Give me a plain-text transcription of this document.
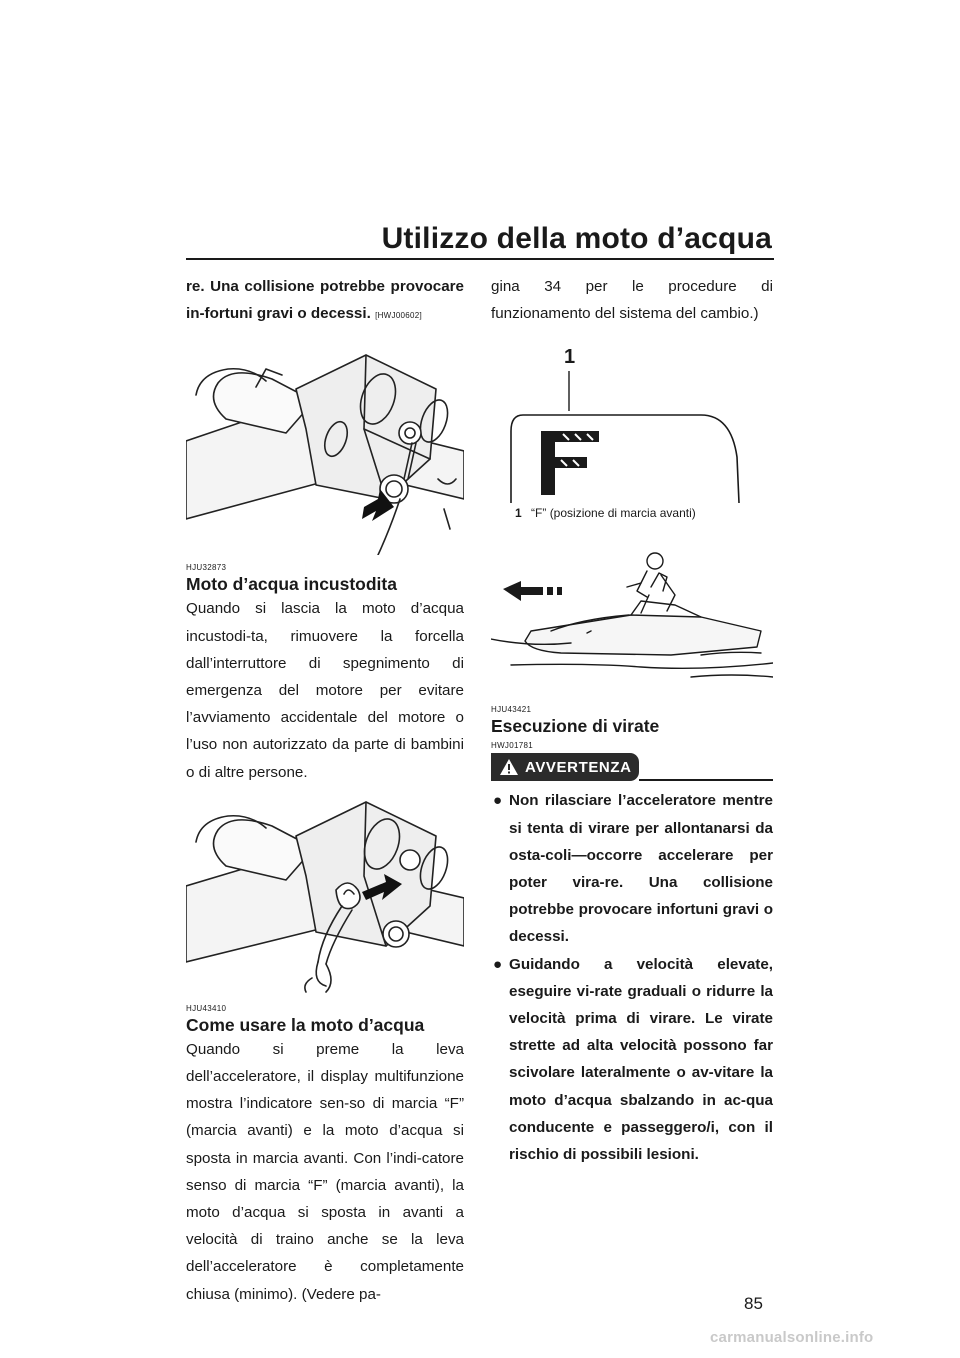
Utilizzo della moto d’acqua

re. Una collisione potrebbe provocare in-fortuni gravi o decessi. [HWJ00602]

HJU32873
Moto d’acqua incustodita

Quando si lascia la moto d’acqua incustodi-ta, rimuovere la forcella dall’interruttore di spegnimento di emergenza del motore per evitare l’avviamento accidentale del motore o l’uso non autorizzato da parte di bambini o di altre persone.

HJU43410
Come usare la moto d’acqua

Quando si preme la leva dell’acceleratore, il display multifunzione mostra l’indicatore sen-so di marcia “F” (marcia avanti) e la moto d’acqua si sposta in marcia avanti. Con l’indi-catore senso di marcia “F” (marcia avanti), la moto d’acqua si sposta in avanti a velocità di traino anche se la leva dell’acceleratore è completamente chiusa (minimo). (Vedere pa-

gina 34 per le procedure di funzionamento del sistema del cambio.)

1
1 “F” (posizione di marcia avanti)
HJU43421
Esecuzione di virate
HWJ01781
AVVERTENZA
● Non rilasciare l’acceleratore mentre si tenta di virare per allontanarsi da osta-coli—occorre accelerare per poter vira-re. Una collisione potrebbe provocare infortuni gravi o decessi.
● Guidando a velocità elevate, eseguire vi-rate graduali o ridurre la velocità prima di virare. Le virate strette ad alta velocità possono far scivolare lateralmente o av-vitare la moto d’acqua sbalzando in ac-qua conducente e passeggero/i, con il rischio di possibili lesioni.
85
carmanualsonline.info
